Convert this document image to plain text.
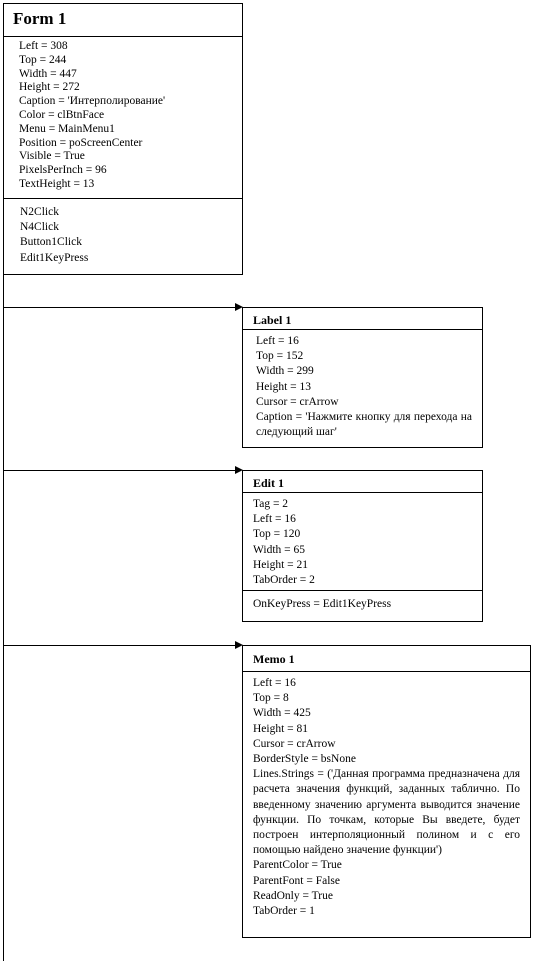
Form 1
Left = 308
Top = 244
Width = 447
Height = 272
Caption = 'Интерполирование'
Color = clBtnFace
Menu = MainMenu1
Position = poScreenCenter
Visible = True
PixelsPerInch = 96
TextHeight = 13
N2Click
N4Click
Button1Click
Edit1KeyPress
Label 1
Left = 16
Top = 152
Width = 299
Height = 13
Cursor = crArrow
Caption = 'Нажмите кнопку для перехода на следующий шаг'
Edit 1
Tag = 2
Left = 16
Top = 120
Width = 65
Height = 21
TabOrder = 2
OnKeyPress = Edit1KeyPress
Memo 1
Left = 16
Top = 8
Width = 425
Height = 81
Cursor = crArrow
BorderStyle = bsNone
Lines.Strings = ('Данная программа предназначена для расчета значения функций, заданных таблично. По введенному значению аргумента выводится значение функции. По точкам, которые Вы введете, будет построен интерполяционный полином и с его помощью найдено значение функции')
ParentColor = True
ParentFont = False
ReadOnly = True
TabOrder = 1
